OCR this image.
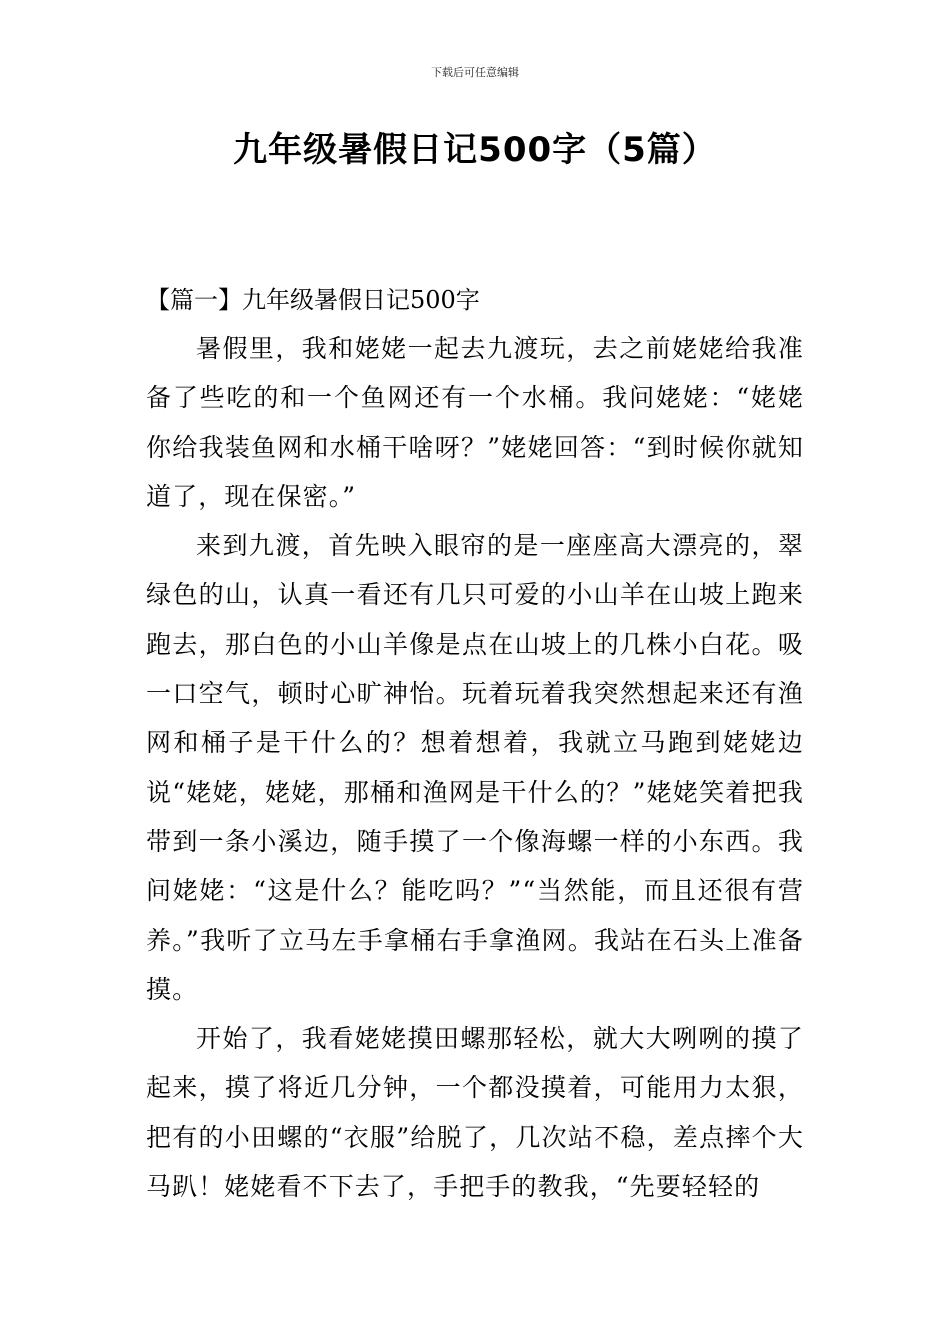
下载后可任意编辑
九年级暑假日记500字（5篇）
【篇一】九年级暑假日记500字

暑假里，我和姥姥一起去九渡玩，去之前姥姥给我准备了些吃的和一个鱼网还有一个水桶。我问姥姥：“姥姥你给我装鱼网和水桶干啥呀？”姥姥回答：“到时候你就知道了，现在保密。”

来到九渡，首先映入眼帘的是一座座高大漂亮的，翠绿色的山，认真一看还有几只可爱的小山羊在山坡上跑来跑去，那白色的小山羊像是点在山坡上的几株小白花。吸一口空气，顿时心旷神怡。玩着玩着我突然想起来还有渔网和桶子是干什么的？想着想着，我就立马跑到姥姥边说“姥姥，姥姥，那桶和渔网是干什么的？”姥姥笑着把我带到一条小溪边，随手摸了一个像海螺一样的小东西。我问姥姥：“这是什么？能吃吗？”“当然能，而且还很有营养。”我听了立马左手拿桶右手拿渔网。我站在石头上准备摸。

开始了，我看姥姥摸田螺那轻松，就大大咧咧的摸了起来，摸了将近几分钟，一个都没摸着，可能用力太狠，把有的小田螺的“衣服”给脱了，几次站不稳，差点摔个大马趴！姥姥看不下去了，手把手的教我，“先要轻轻的
